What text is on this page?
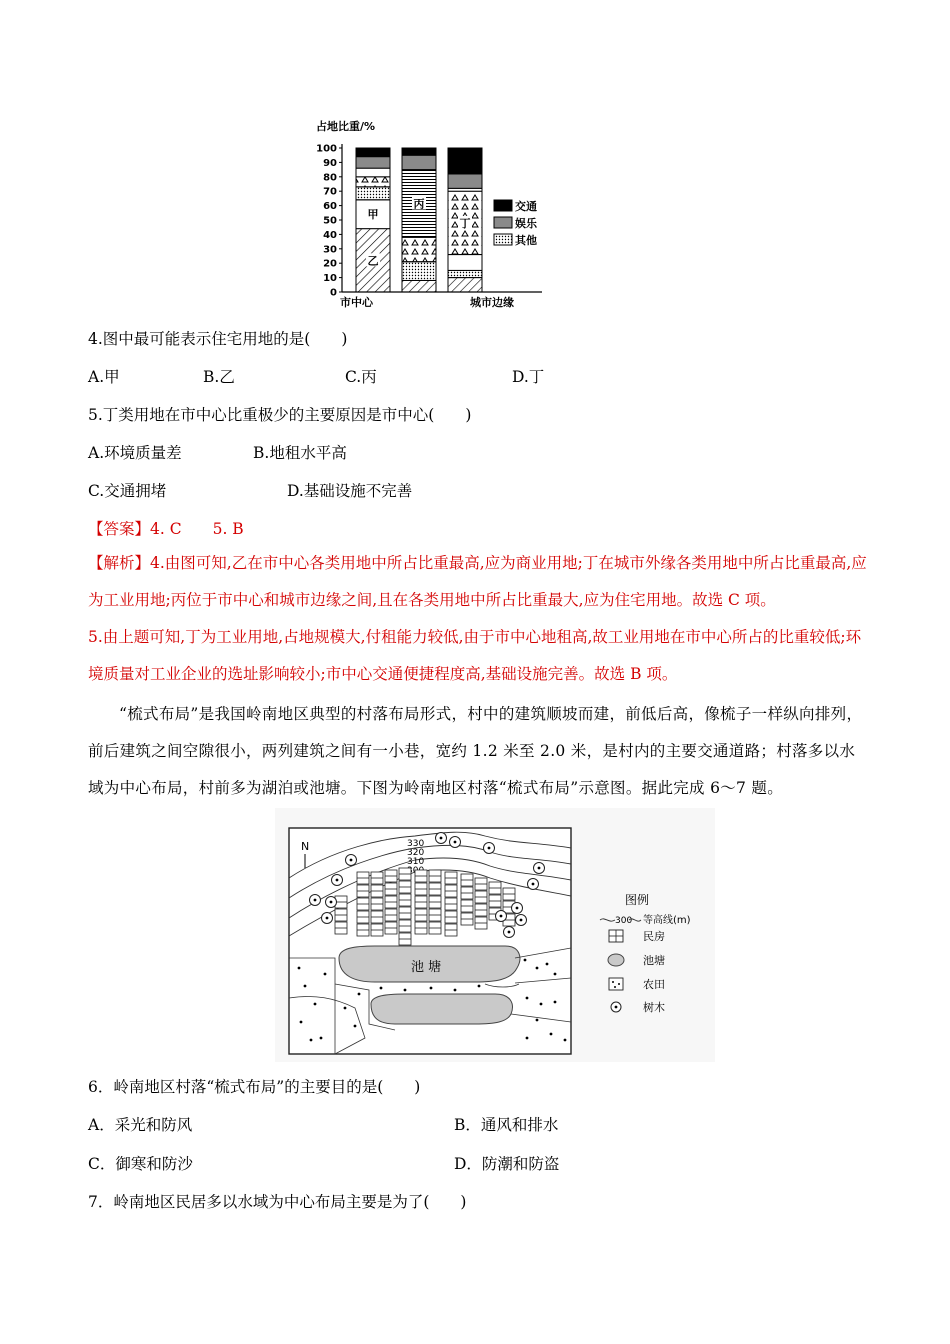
占地比重/%
0
10
20
30
40
50
60
70
80
90
100
乙
甲
丙
丁
市中心	城市边缘
交通
娱乐
其他
4.图中最可能表示住宅用地的是(　　)
A.甲	B.乙	C.丙	D.丁
5.丁类用地在市中心比重极少的主要原因是市中心(　　)
A.环境质量差	B.地租水平高
C.交通拥堵	D.基础设施不完善
【答案】4. C　　5. B
【解析】4.由图可知,乙在市中心各类用地中所占比重最高,应为商业用地;丁在城市外缘各类用地中所占比重最高,应为工业用地;丙位于市中心和城市边缘之间,且在各类用地中所占比重最大,应为住宅用地。故选 C 项。
5.由上题可知,丁为工业用地,占地规模大,付租能力较低,由于市中心地租高,故工业用地在市中心所占的比重较低;环境质量对工业企业的选址影响较小;市中心交通便捷程度高,基础设施完善。故选 B 项。
“梳式布局”是我国岭南地区典型的村落布局形式，村中的建筑顺坡而建，前低后高，像梳子一样纵向排列，前后建筑之间空隙很小，两列建筑之间有一小巷，宽约 1.2 米至 2.0 米，是村内的主要交通道路；村落多以水域为中心布局，村前多为湖泊或池塘。下图为岭南地区村落“梳式布局”示意图。据此完成 6～7 题。
N	330
320
310
池 塘
图例
300 等高线(m)
民房
池塘
农田
树木
6．岭南地区村落“梳式布局”的主要目的是(　　)
A．采光和防风	B．通风和排水
C．御寒和防沙	D．防潮和防盗
7．岭南地区民居多以水域为中心布局主要是为了(　　)
